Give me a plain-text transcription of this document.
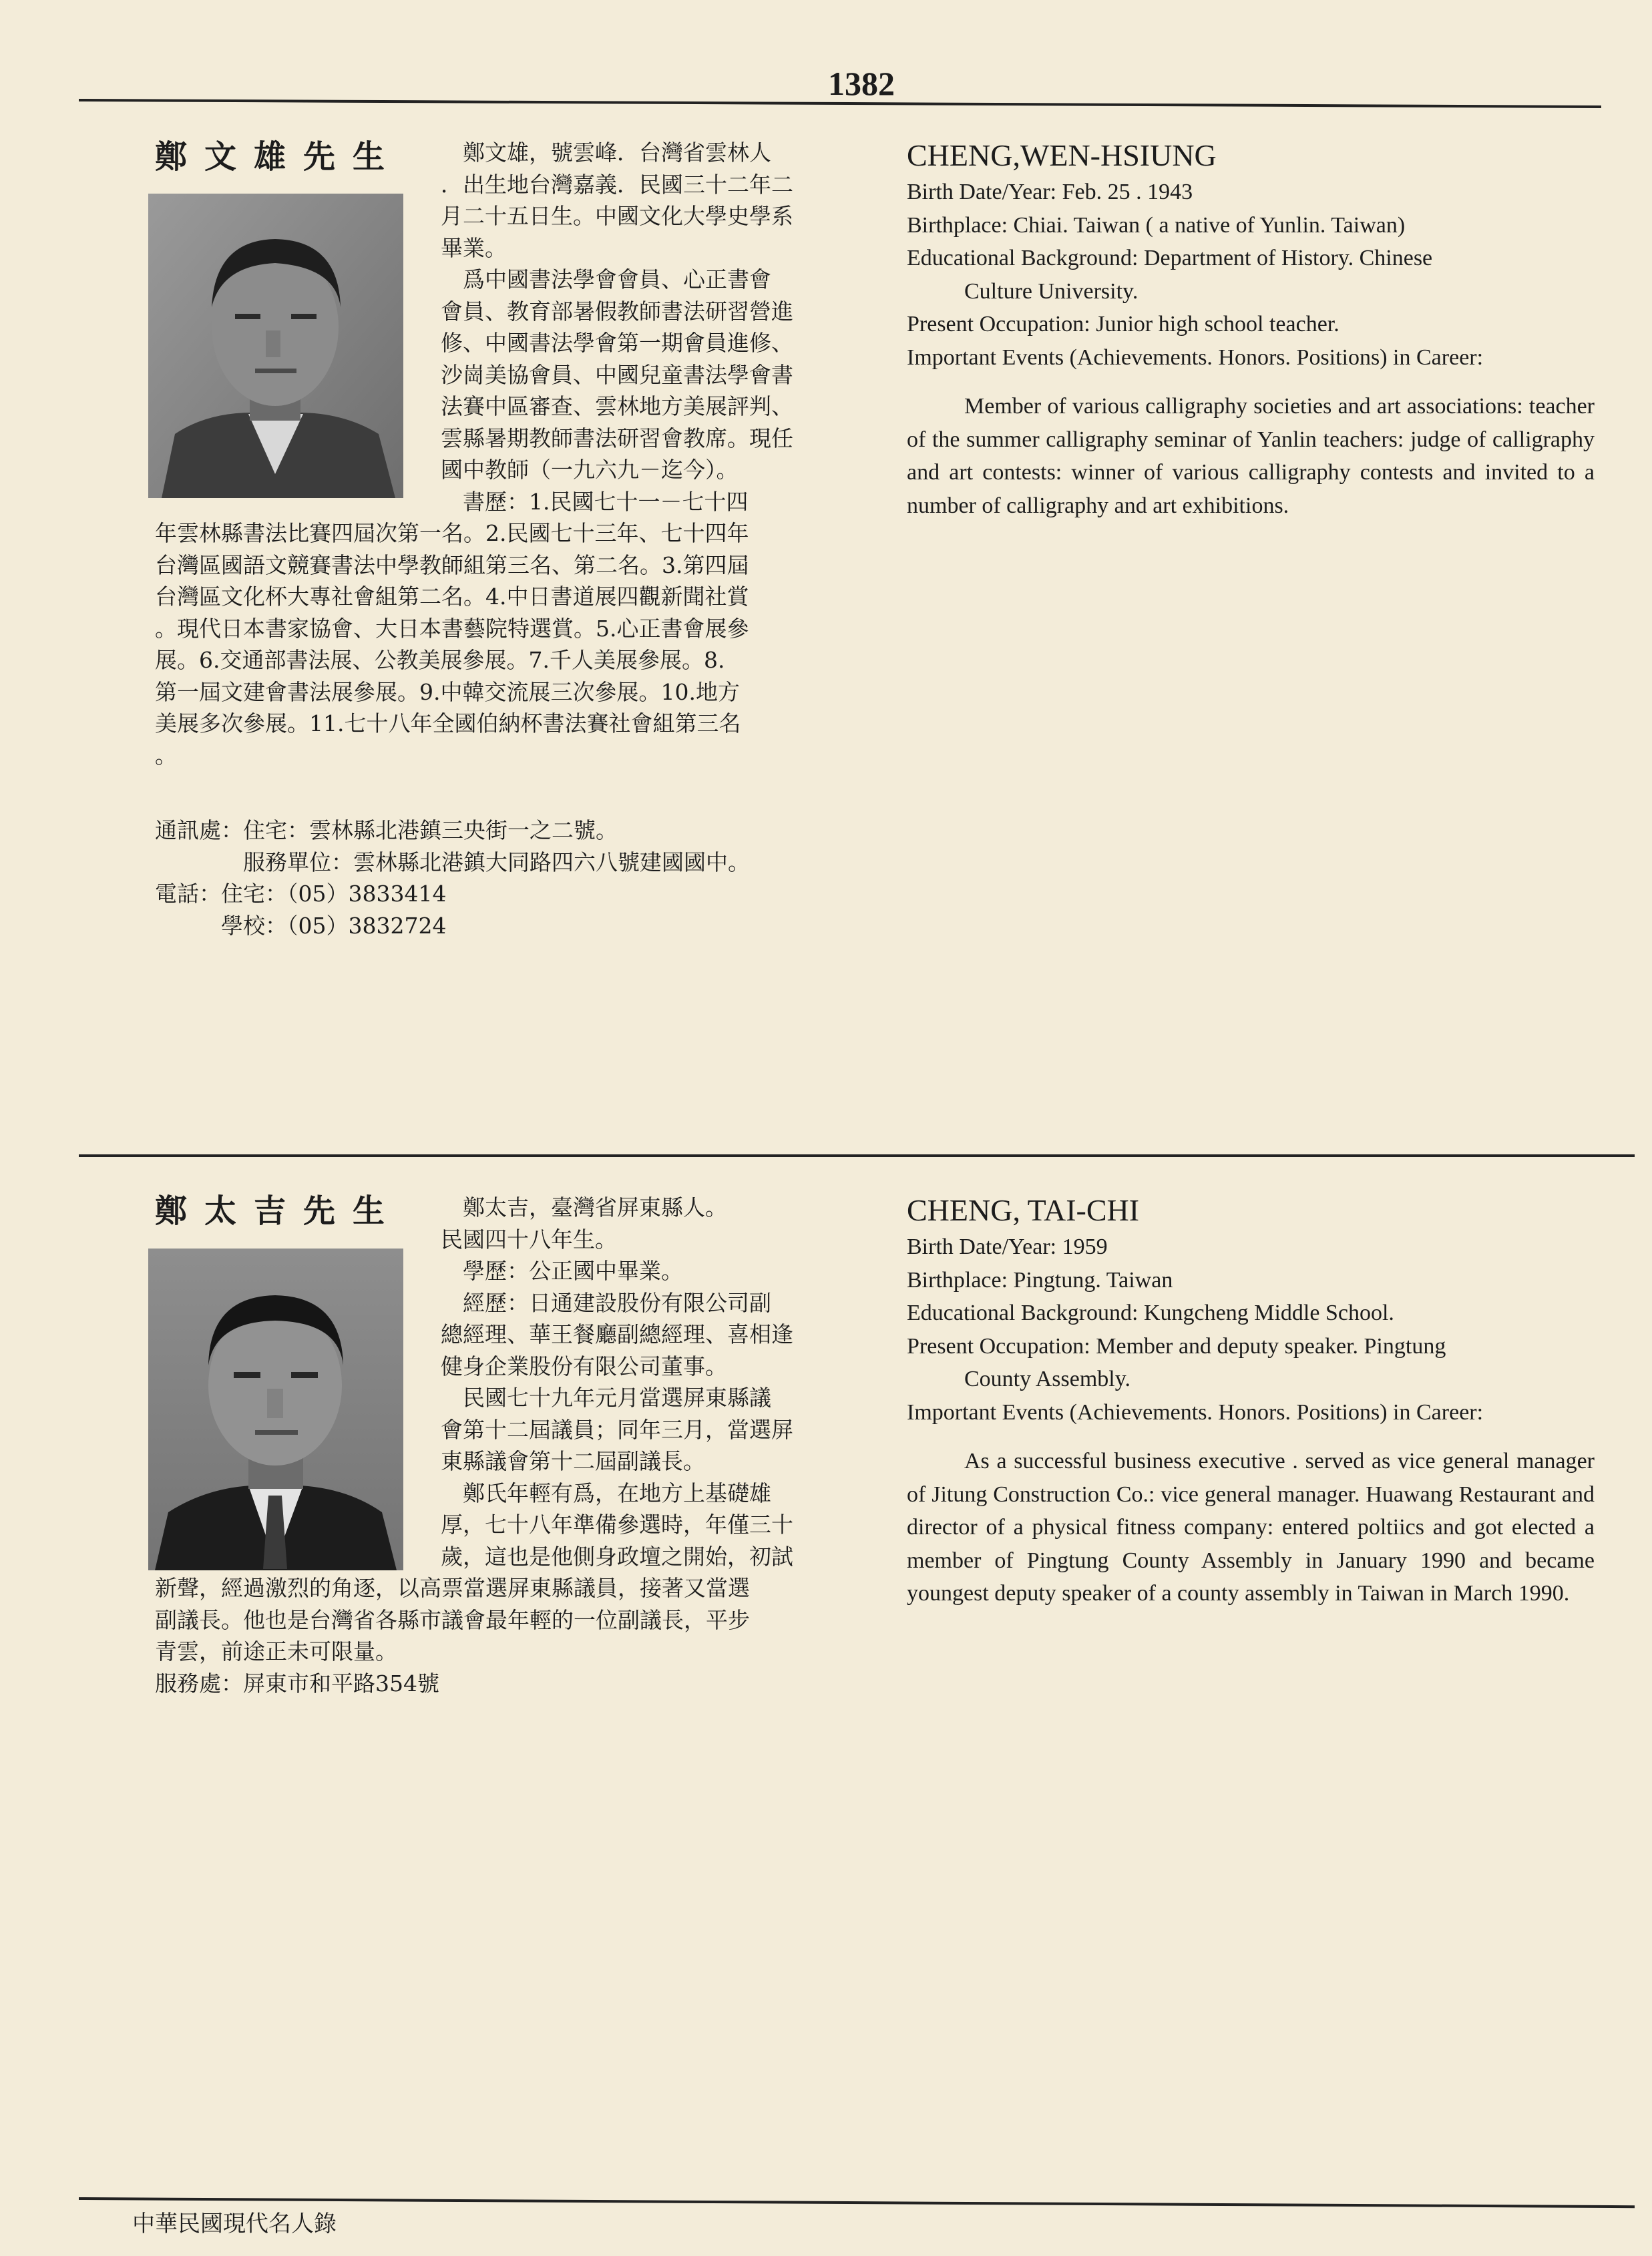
1382
鄭文雄先生 　鄭文雄，號雲峰．台灣省雲林人
．出生地台灣嘉義．民國三十二年二
月二十五日生。中國文化大學史學系
畢業。
　爲中國書法學會會員、心正書會
會員、教育部暑假教師書法研習營進
修、中國書法學會第一期會員進修、
沙崗美協會員、中國兒童書法學會書
法賽中區審查、雲林地方美展評判、
雲縣暑期教師書法研習會教席。現任
國中教師（一九六九－迄今）。
　書歷：1.民國七十一－七十四
年雲林縣書法比賽四屆次第一名。2.民國七十三年、七十四年
台灣區國語文競賽書法中學教師組第三名、第二名。3.第四屆
台灣區文化杯大專社會組第二名。4.中日書道展四觀新聞社賞
。現代日本書家協會、大日本書藝院特選賞。5.心正書會展參
展。6.交通部書法展、公教美展參展。7.千人美展參展。8.
第一屆文建會書法展參展。9.中韓交流展三次參展。10.地方
美展多次參展。11.七十八年全國伯納杯書法賽社會組第三名
。
通訊處：住宅：雲林縣北港鎮三央街一之二號。
　　　　服務單位：雲林縣北港鎮大同路四六八號建國國中。
電話：住宅：（05）3833414
　　　學校：（05）3832724
CHENG,WEN-HSIUNG
Birth Date/Year: Feb. 25 . 1943
Birthplace: Chiai. Taiwan ( a native of Yunlin. Taiwan)
Educational Background: Department of History. Chinese
Culture University.
Present Occupation: Junior high school teacher.
Important Events (Achievements. Honors. Positions) in Career:
Member of various calligraphy societies and art associations: teacher of the summer calligraphy seminar of Yanlin teachers: judge of calligraphy and art contests: winner of various calligraphy contests and invited to a number of calligraphy and art exhibitions.
鄭太吉先生 　鄭太吉，臺灣省屏東縣人。
民國四十八年生。
　學歷：公正國中畢業。
　經歷：日通建設股份有限公司副
總經理、華王餐廳副總經理、喜相逢
健身企業股份有限公司董事。
　民國七十九年元月當選屏東縣議
會第十二屆議員；同年三月，當選屏
東縣議會第十二屆副議長。
　鄭氏年輕有爲，在地方上基礎雄
厚，七十八年準備參選時，年僅三十
歲，這也是他側身政壇之開始，初試
新聲，經過激烈的角逐，以高票當選屏東縣議員，接著又當選
副議長。他也是台灣省各縣市議會最年輕的一位副議長，平步
青雲，前途正未可限量。
服務處：屏東市和平路354號
CHENG, TAI-CHI
Birth Date/Year: 1959
Birthplace: Pingtung. Taiwan
Educational Background: Kungcheng Middle School.
Present Occupation: Member and deputy speaker. Pingtung
County Assembly.
Important Events (Achievements. Honors. Positions) in Career:
As a successful business executive . served as vice general manager of Jitung Construction Co.: vice general manager. Huawang Restaurant and director of a physical fitness company: entered poltiics and got elected a member of Pingtung County Assembly in January 1990 and became youngest deputy speaker of a county assembly in Taiwan in March 1990.
中華民國現代名人錄
